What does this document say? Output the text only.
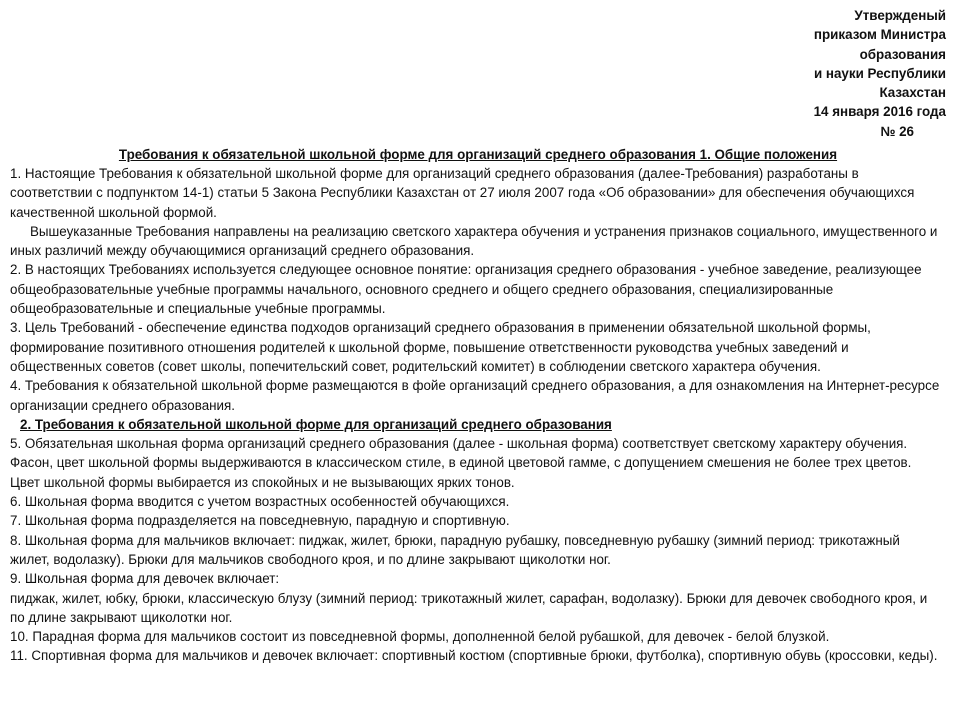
Утвержденый
приказом Министра
образования
и науки Республики
Казахстан
14 января 2016 года
№ 26
Требования к обязательной школьной форме для организаций среднего образования 1. Общие положения

1. Настоящие Требования к обязательной школьной форме для организаций среднего образования (далее-Требования) разработаны в соответствии с подпунктом 14-1) статьи 5 Закона Республики Казахстан от 27 июля 2007 года «Об образовании» для обеспечения обучающихся качественной школьной формой.

Вышеуказанные Требования направлены на реализацию светского характера обучения и устранения признаков социального, имущественного и иных различий между обучающимися организаций среднего образования.

2. В настоящих Требованиях используется следующее основное понятие: организация среднего образования - учебное заведение, реализующее общеобразовательные учебные программы начального, основного среднего и общего среднего образования, специализированные общеобразовательные и специальные учебные программы.

3. Цель Требований - обеспечение единства подходов организаций среднего образования в применении обязательной школьной формы, формирование позитивного отношения родителей к школьной форме, повышение ответственности руководства учебных заведений и общественных советов (совет школы, попечительский совет, родительский комитет) в соблюдении светского характера обучения.

4. Требования к обязательной школьной форме размещаются в фойе организаций среднего образования, а для ознакомления на Интернет-ресурсе организации среднего образования.

2. Требования к обязательной школьной форме для организаций среднего образования

5. Обязательная школьная форма организаций среднего образования (далее - школьная форма) соответствует светскому характеру обучения. Фасон, цвет школьной формы выдерживаются в классическом стиле, в единой цветовой гамме, с допущением смешения не более трех цветов. Цвет школьной формы выбирается из спокойных и не вызывающих ярких тонов.

6. Школьная форма вводится с учетом возрастных особенностей обучающихся.

7. Школьная форма подразделяется на повседневную, парадную и спортивную.

8. Школьная форма для мальчиков включает: пиджак, жилет, брюки, парадную рубашку, повседневную рубашку (зимний период: трикотажный жилет, водолазку). Брюки для мальчиков свободного кроя, и по длине закрывают щиколотки ног.

9. Школьная форма для девочек включает:

пиджак, жилет, юбку, брюки, классическую блузу (зимний период: трикотажный жилет, сарафан, водолазку). Брюки для девочек свободного кроя, и по длине закрывают щиколотки ног.

10. Парадная форма для мальчиков состоит из повседневной формы, дополненной белой рубашкой, для девочек - белой блузкой.

11. Спортивная форма для мальчиков и девочек включает: спортивный костюм (спортивные брюки, футболка), спортивную обувь (кроссовки, кеды).
